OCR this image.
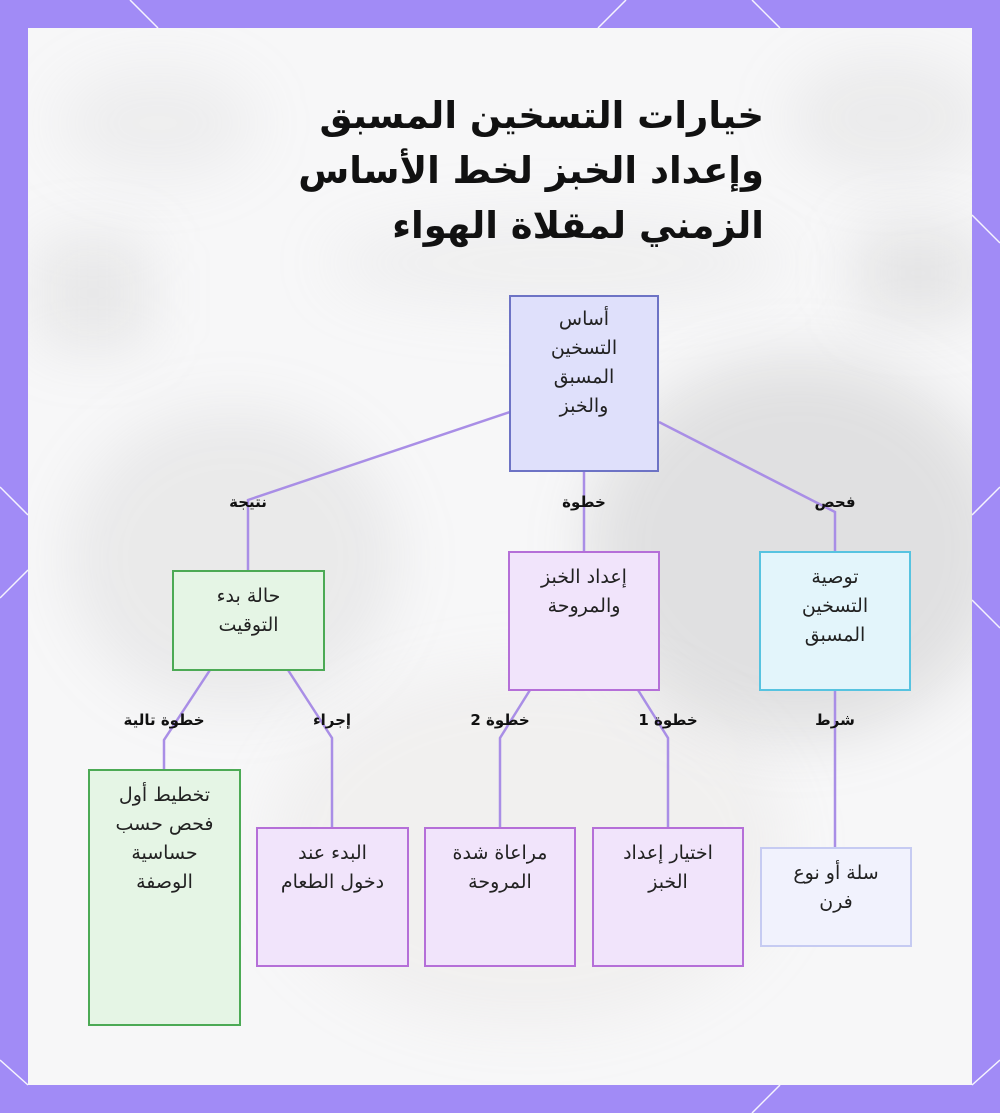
خيارات التسخين المسبق وإعداد الخبز لخط الأساس الزمني لمقلاة الهواء
نتيجة	خطوة	فحص
خطوة تالية	إجراء	خطوة 2	خطوة 1	شرط
أساس التسخين المسبق والخبز
حالة بدء التوقيت
إعداد الخبز والمروحة
توصية التسخين المسبق
تخطيط أول فحص حسب حساسية الوصفة
البدء عند دخول الطعام
مراعاة شدة المروحة
اختيار إعداد الخبز	سلة أو نوع فرن
